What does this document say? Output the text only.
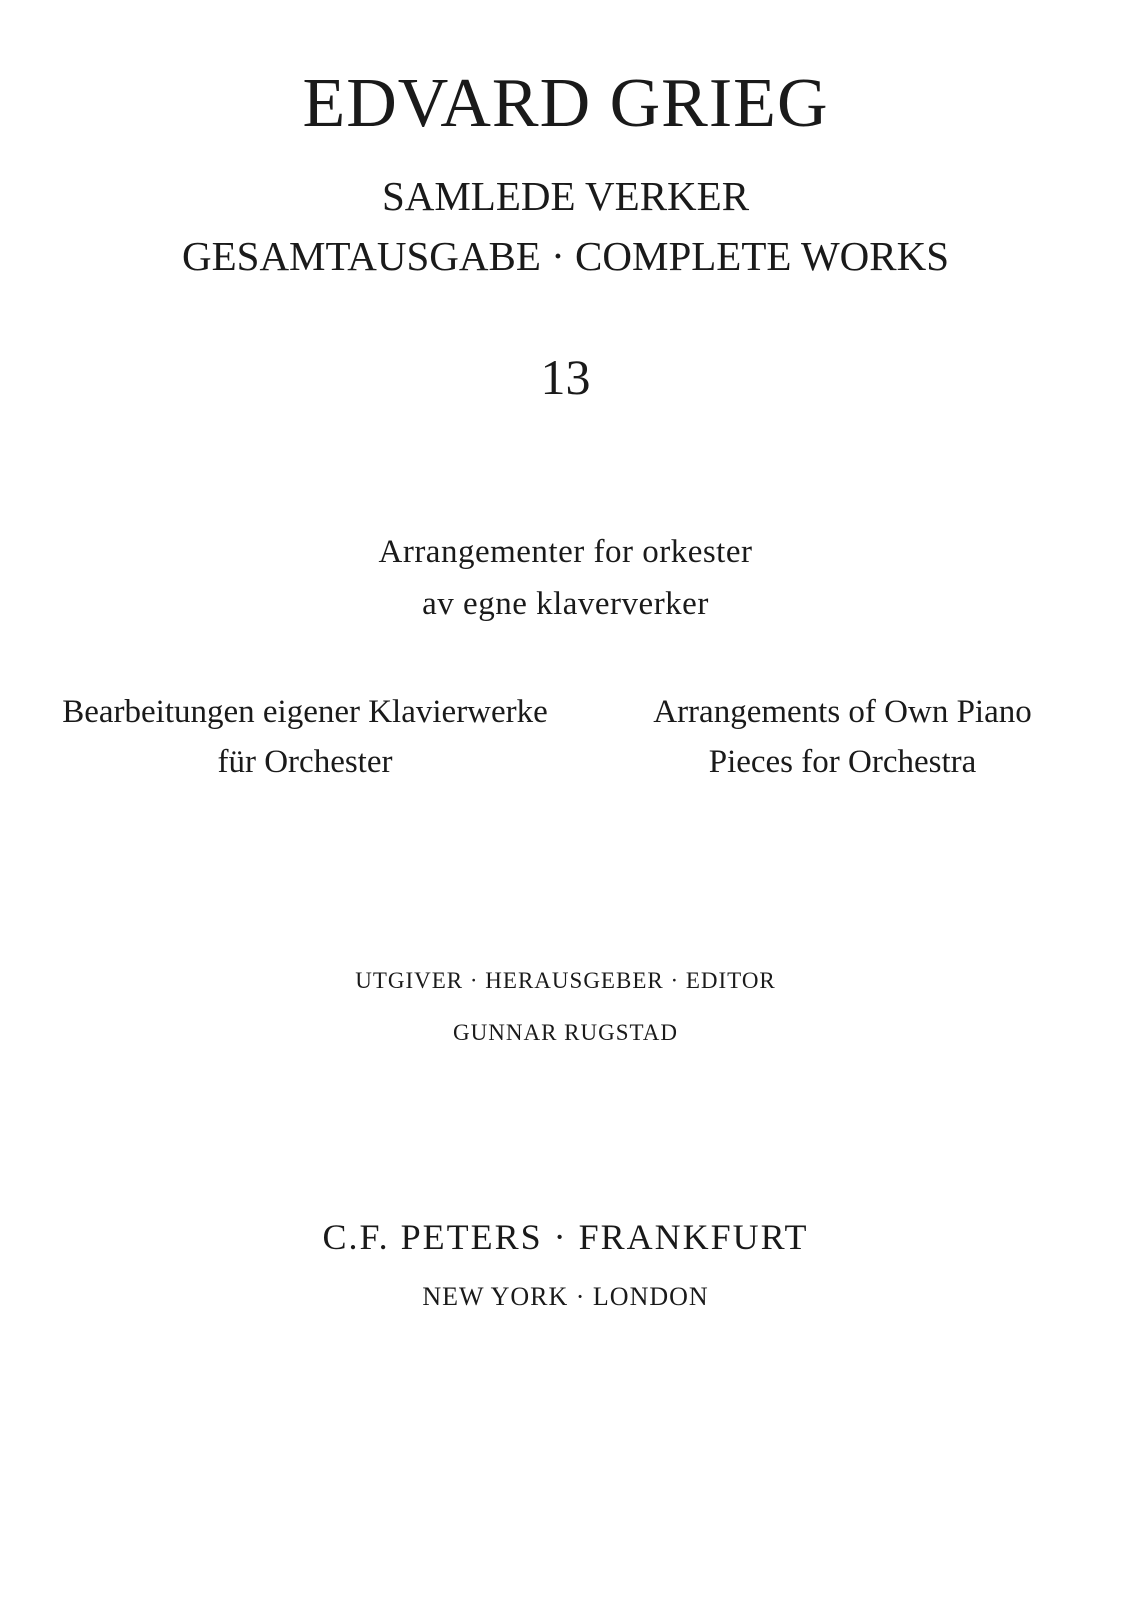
EDVARD GRIEG
SAMLEDE VERKER
GESAMTAUSGABE · COMPLETE WORKS
13
Arrangementer for orkester
av egne klaververker
Bearbeitungen eigener Klavierwerke
für Orchester
Arrangements of Own Piano
Pieces for Orchestra
UTGIVER · HERAUSGEBER · EDITOR
GUNNAR RUGSTAD
C.F. PETERS · FRANKFURT
NEW YORK · LONDON
